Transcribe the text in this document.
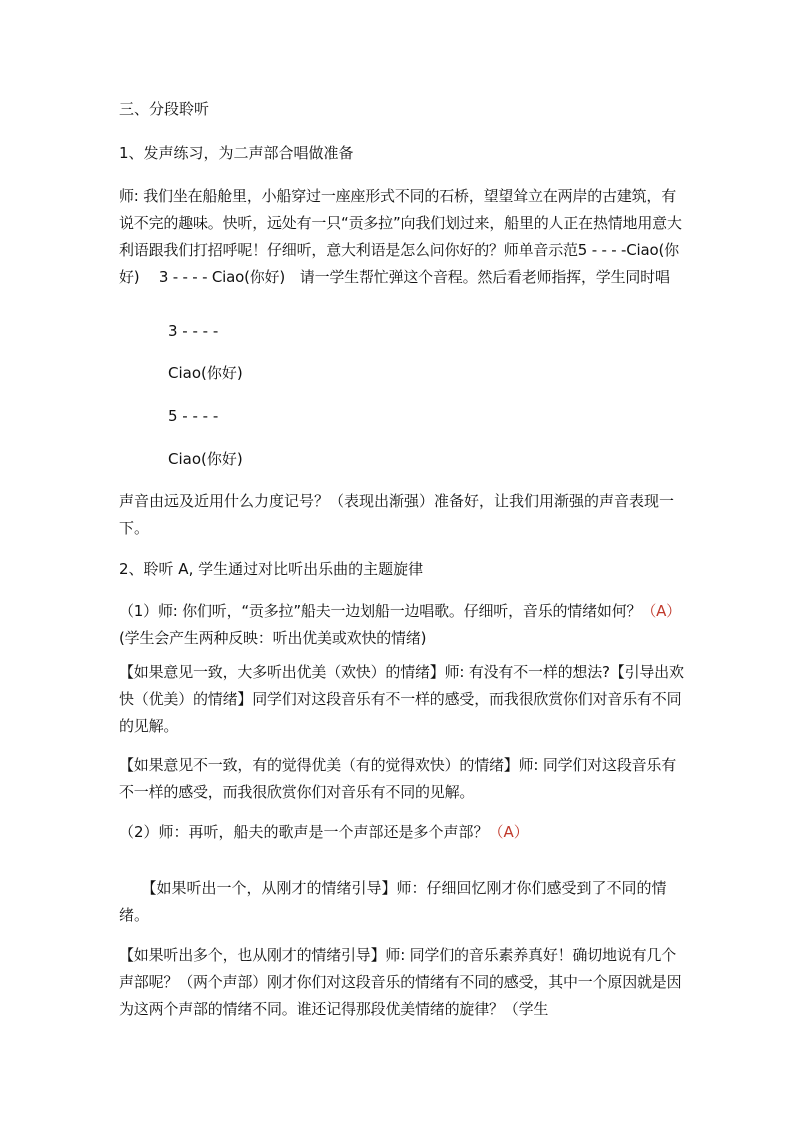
三、分段聆听

1、发声练习，为二声部合唱做准备

师: 我们坐在船舱里，小船穿过一座座形式不同的石桥，望望耸立在两岸的古建筑，有说不完的趣味。快听，远处有一只“贡多拉”向我们划过来，船里的人正在热情地用意大利语跟我们打招呼呢！仔细听，意大利语是怎么问你好的？师单音示范5 - - - -Ciao(你好)　 3 - - - - Ciao(你好)　请一学生帮忙弹这个音程。然后看老师指挥，学生同时唱

3 - - - -

Ciao(你好)

5 - - - -

Ciao(你好)

声音由远及近用什么力度记号？（表现出渐强）准备好，让我们用渐强的声音表现一下。

2、聆听 A, 学生通过对比听出乐曲的主题旋律

（1）师: 你们听，“贡多拉”船夫一边划船一边唱歌。仔细听，音乐的情绪如何？（A）(学生会产生两种反映：听出优美或欢快的情绪)

【如果意见一致，大多听出优美（欢快）的情绪】师: 有没有不一样的想法?【引导出欢快（优美）的情绪】同学们对这段音乐有不一样的感受，而我很欣赏你们对音乐有不同的见解。

【如果意见不一致，有的觉得优美（有的觉得欢快）的情绪】师: 同学们对这段音乐有不一样的感受，而我很欣赏你们对音乐有不同的见解。

（2）师：再听，船夫的歌声是一个声部还是多个声部？（A）

　　【如果听出一个，从刚才的情绪引导】师：仔细回忆刚才你们感受到了不同的情绪。

【如果听出多个，也从刚才的情绪引导】师: 同学们的音乐素养真好！确切地说有几个声部呢？（两个声部）刚才你们对这段音乐的情绪有不同的感受，其中一个原因就是因为这两个声部的情绪不同。谁还记得那段优美情绪的旋律？（学生
